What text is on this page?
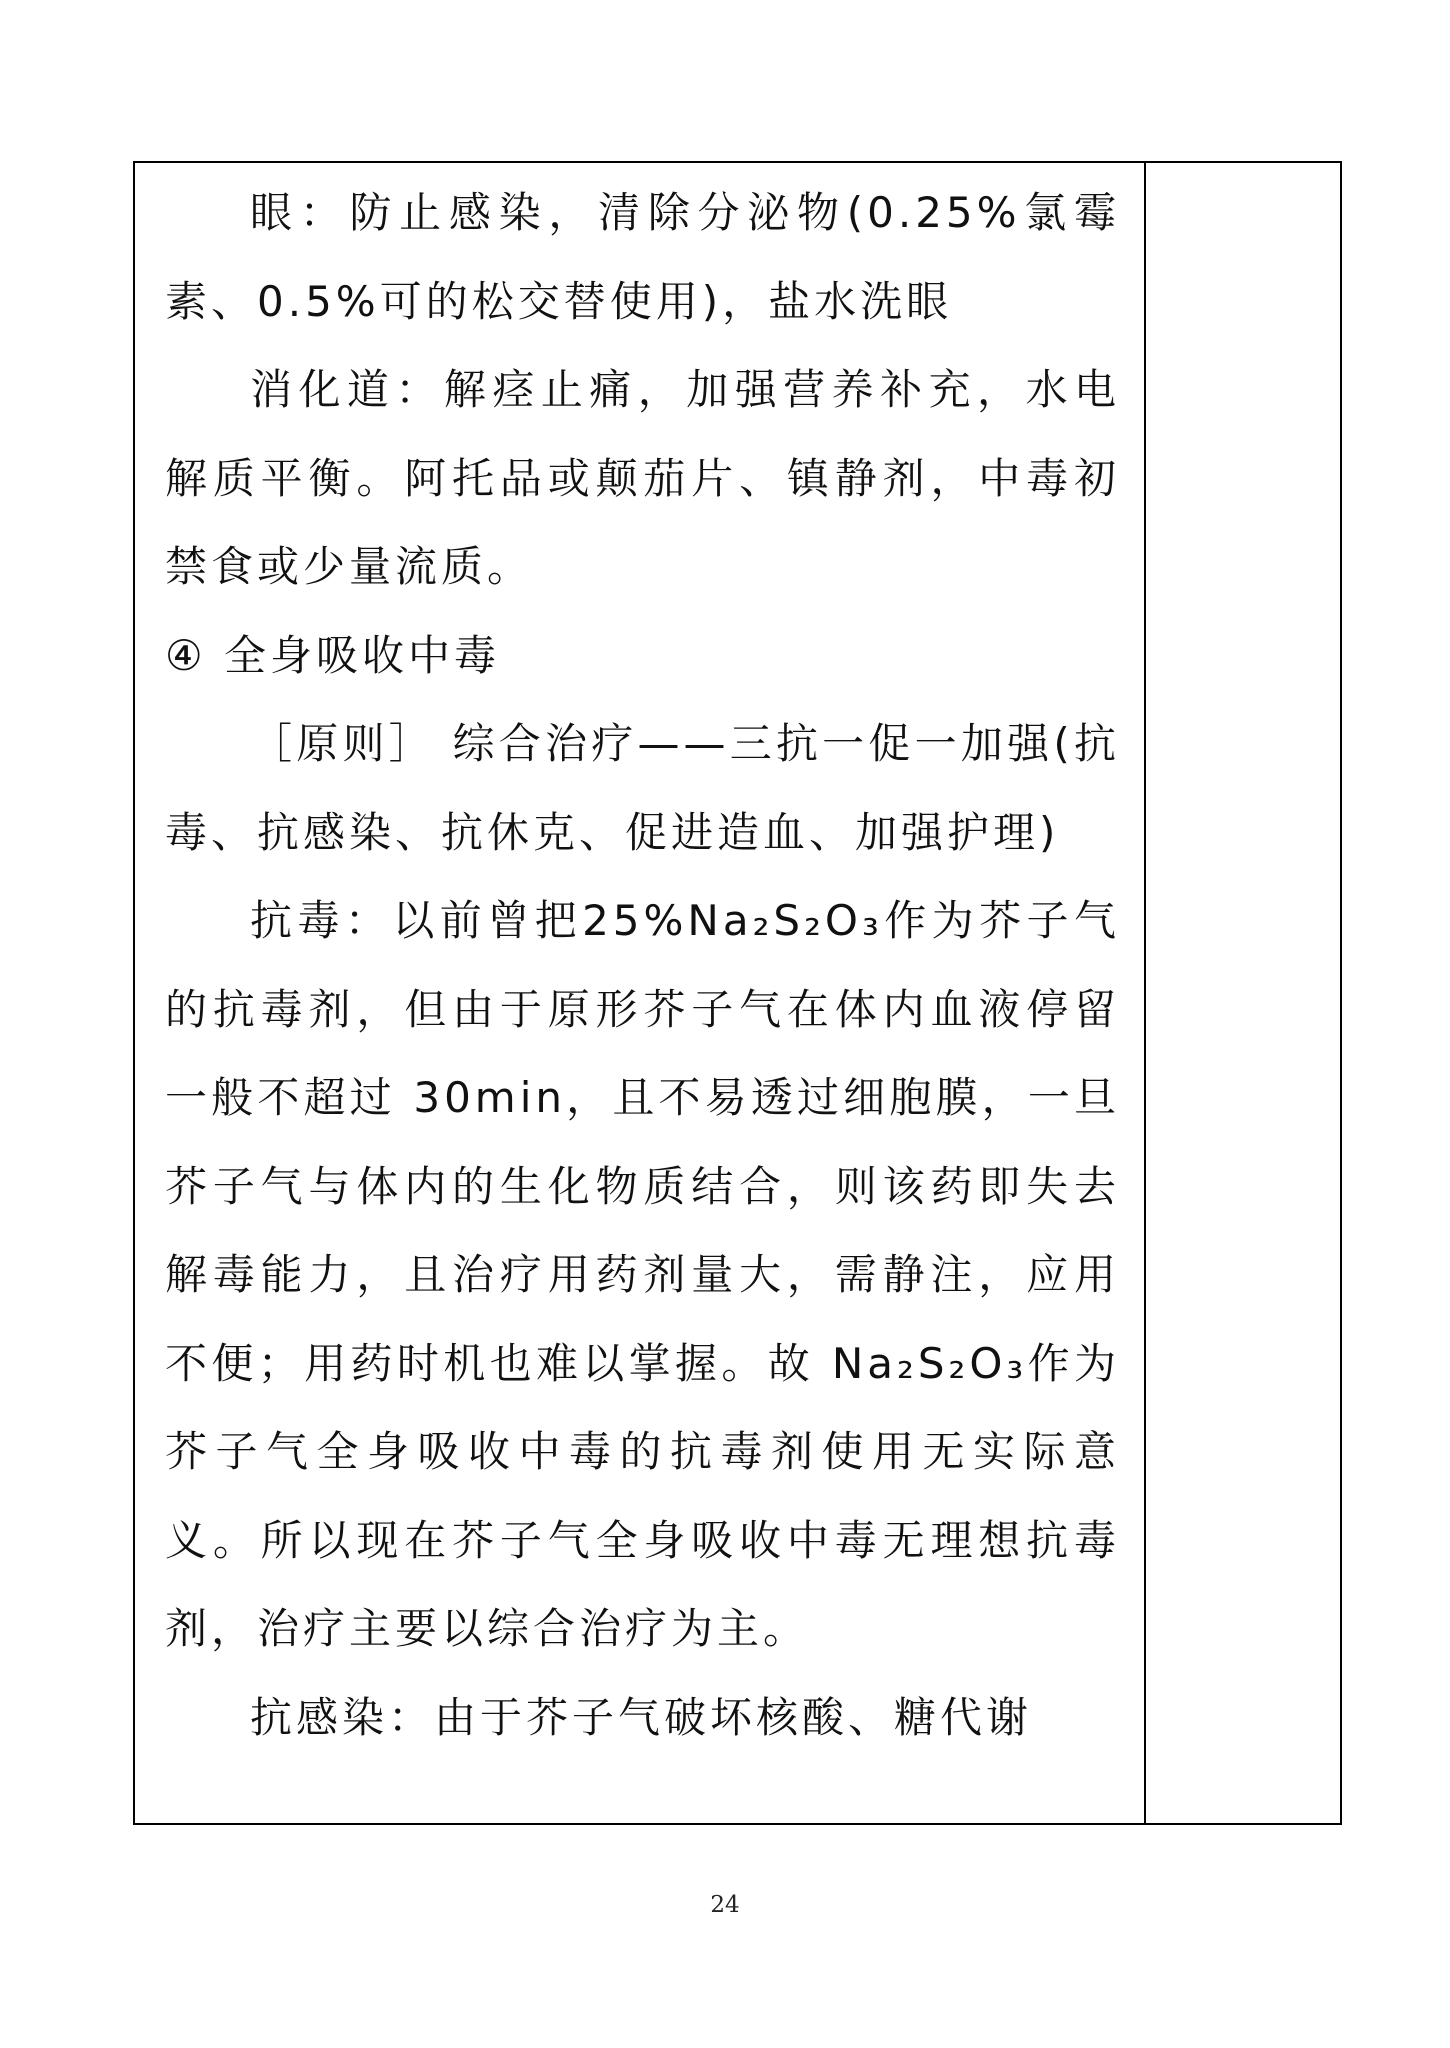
眼：防止感染，清除分泌物(0.25%氯霉素、0.5%可的松交替使用)，盐水洗眼

消化道：解痉止痛，加强营养补充，水电解质平衡。阿托品或颠茄片、镇静剂，中毒初禁食或少量流质。

④ 全身吸收中毒

［原则］ 综合治疗——三抗一促一加强(抗毒、抗感染、抗休克、促进造血、加强护理)

抗毒：以前曾把25%Na₂S₂O₃作为芥子气的抗毒剂，但由于原形芥子气在体内血液停留一般不超过 30min，且不易透过细胞膜，一旦芥子气与体内的生化物质结合，则该药即失去解毒能力，且治疗用药剂量大，需静注，应用不便；用药时机也难以掌握。故 Na₂S₂O₃作为芥子气全身吸收中毒的抗毒剂使用无实际意义。所以现在芥子气全身吸收中毒无理想抗毒剂，治疗主要以综合治疗为主。

抗感染：由于芥子气破坏核酸、糖代谢

24
